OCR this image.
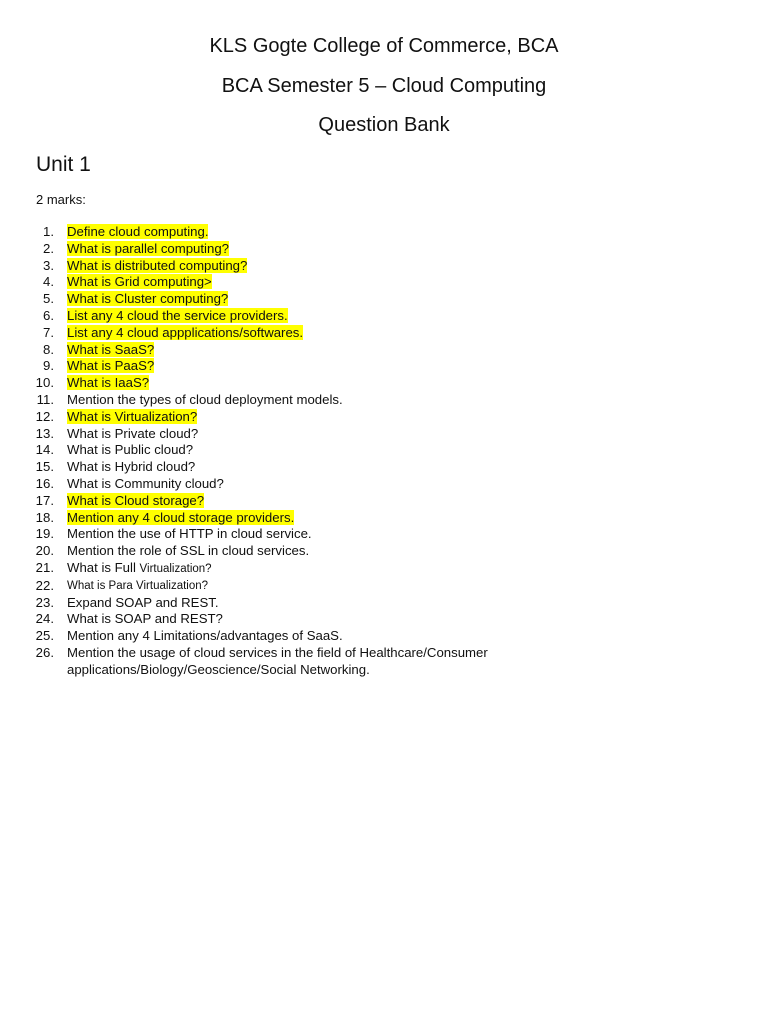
KLS Gogte College of Commerce, BCA
BCA Semester 5 – Cloud Computing
Question Bank
Unit 1
2 marks:
1. Define cloud computing.
2. What is parallel computing?
3. What is distributed computing?
4. What is Grid computing>
5. What is Cluster computing?
6. List any 4 cloud the service providers.
7. List any 4 cloud appplications/softwares.
8. What is SaaS?
9. What is PaaS?
10. What is IaaS?
11. Mention the types of cloud deployment models.
12. What is Virtualization?
13. What is Private cloud?
14. What is Public cloud?
15. What is Hybrid cloud?
16. What is Community cloud?
17. What is Cloud storage?
18. Mention any 4 cloud storage providers.
19. Mention the use of HTTP in cloud service.
20. Mention the role of SSL in cloud services.
21. What is Full Virtualization?
22. What is Para Virtualization?
23. Expand SOAP and REST.
24. What is SOAP and REST?
25. Mention any 4 Limitations/advantages of SaaS.
26. Mention the usage of cloud services in the field of Healthcare/Consumer
applications/Biology/Geoscience/Social Networking.
